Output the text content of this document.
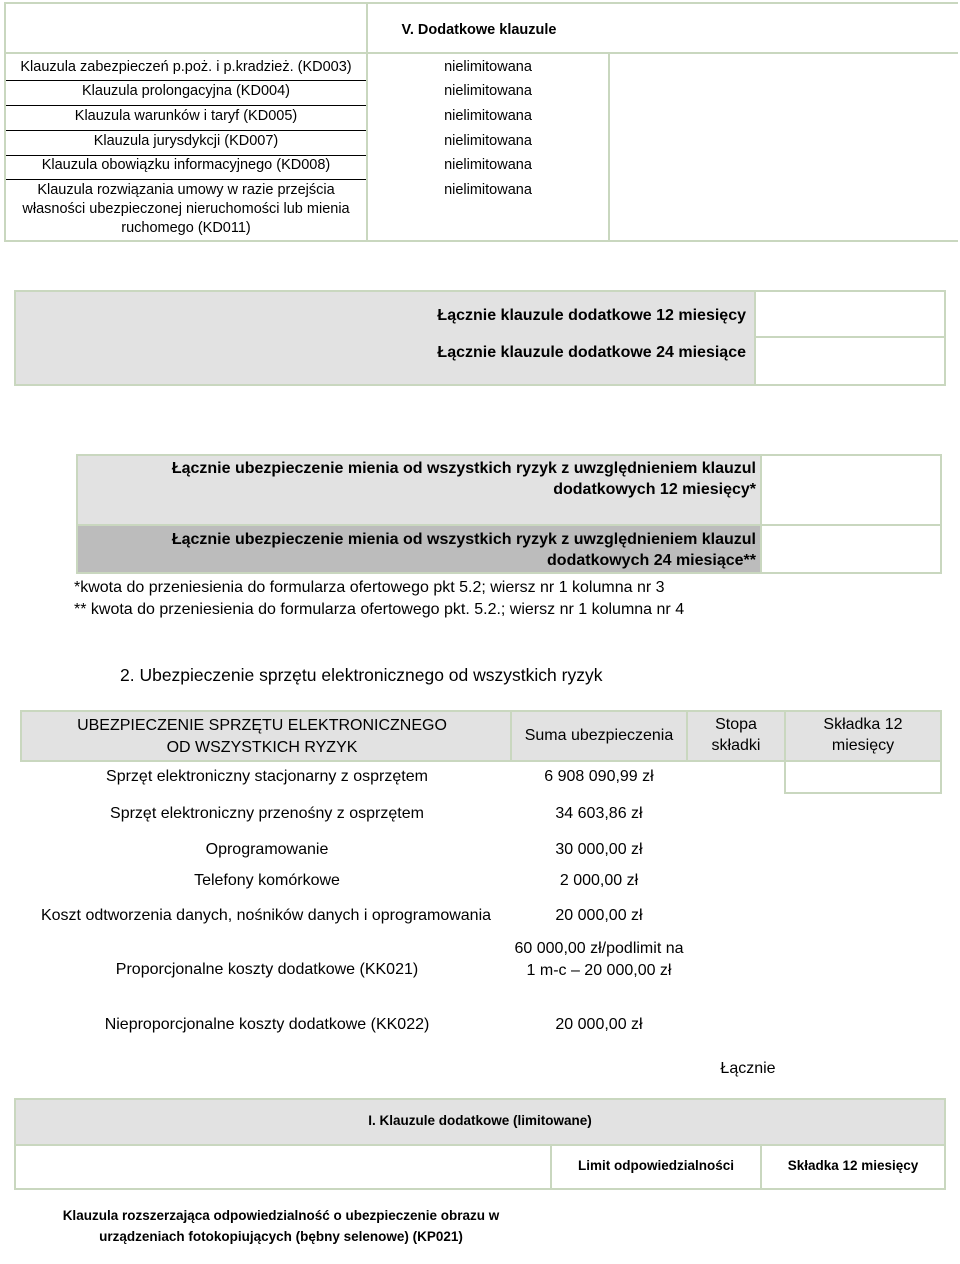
V. Dodatkowe klauzule
Klauzula zabezpieczeń p.poż. i p.kradzież. (KD003)
Klauzula prolongacyjna (KD004)
Klauzula warunków i taryf (KD005)
Klauzula jurysdykcji (KD007)
Klauzula obowiązku informacyjnego (KD008)
Klauzula rozwiązania umowy w razie przejścia własności ubezpieczonej nieruchomości lub mienia ruchomego (KD011)
nielimitowana
nielimitowana
nielimitowana
nielimitowana
nielimitowana
nielimitowana
Łącznie klauzule dodatkowe 12 miesięcy
Łącznie klauzule dodatkowe 24 miesiące
Łącznie ubezpieczenie mienia od wszystkich ryzyk z uwzględnieniem klauzul dodatkowych 12 miesięcy*
Łącznie ubezpieczenie mienia od wszystkich ryzyk z uwzględnieniem klauzul dodatkowych 24 miesiące**
*kwota do przeniesienia do formularza ofertowego pkt 5.2; wiersz nr 1 kolumna nr 3
** kwota do przeniesienia do formularza ofertowego pkt. 5.2.; wiersz nr 1 kolumna nr 4
2. Ubezpieczenie sprzętu elektronicznego od wszystkich ryzyk
UBEZPIECZENIE SPRZĘTU ELEKTRONICZNEGO
OD WSZYSTKICH RYZYK
Suma ubezpieczenia
Stopa składki
Składka 12 miesięcy
Sprzęt elektroniczny stacjonarny z osprzętem
Sprzęt elektroniczny przenośny z osprzętem
Oprogramowanie
Telefony komórkowe
Koszt odtworzenia danych, nośników danych i oprogramowania
Proporcjonalne koszty dodatkowe (KK021)
Nieproporcjonalne koszty dodatkowe (KK022)
6 908 090,99 zł
34 603,86 zł
30 000,00 zł
2 000,00 zł
20 000,00 zł
60 000,00 zł/podlimit na 1 m-c – 20 000,00 zł
20 000,00 zł
Łącznie
I. Klauzule dodatkowe (limitowane)
Limit odpowiedzialności	Składka 12 miesięcy
Klauzula rozszerzająca odpowiedzialność o ubezpieczenie obrazu w urządzeniach fotokopiujących (bębny selenowe) (KP021)
